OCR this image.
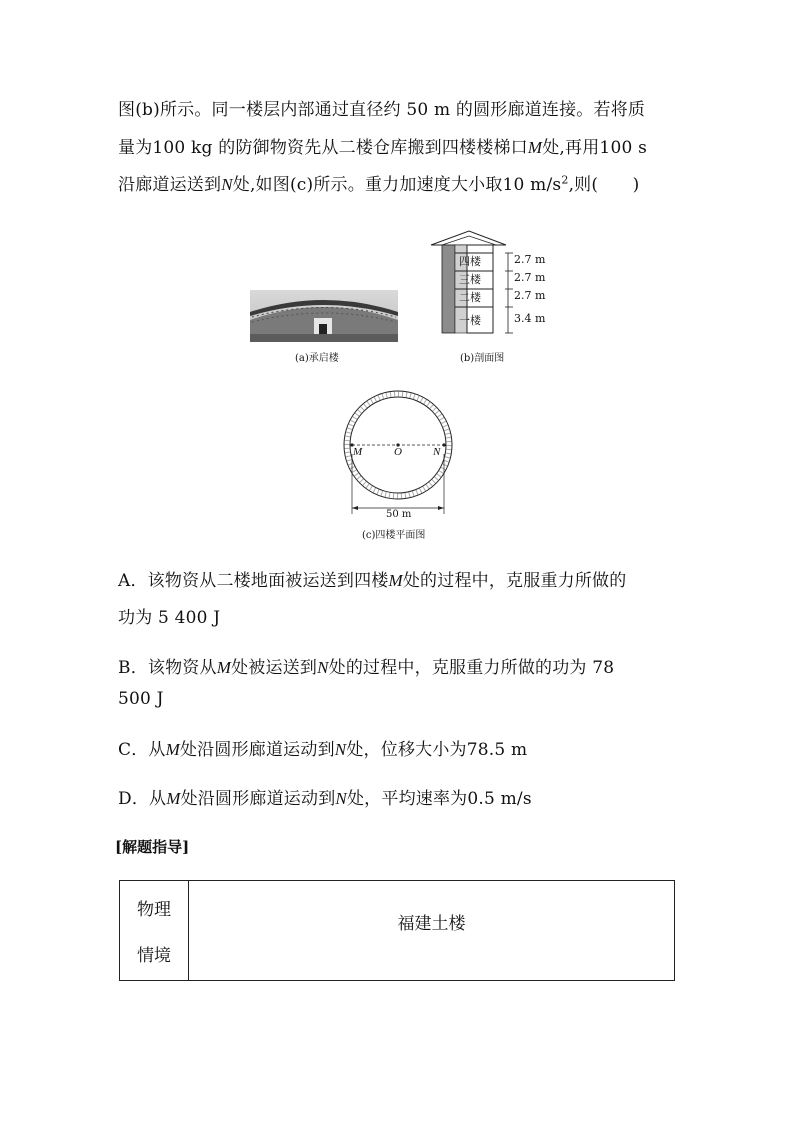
图(b)所示。同一楼层内部通过直径约 50 m 的圆形廊道连接。若将质
量为100 kg 的防御物资先从二楼仓库搬到四楼楼梯口M处,再用100 s
沿廊道运送到N处,如图(c)所示。重力加速度大小取10 $m/s^2$,则(　　)
(a)承启楼
四楼
三楼
二楼
一楼
2.7 m
2.7 m
2.7 m
3.4 m
(b)剖面图
M	O	N
50 m
(c)四楼平面图
A．该物资从二楼地面被运送到四楼M处的过程中，克服重力所做的
功为 5 400 J
B．该物资从M处被运送到N处的过程中，克服重力所做的功为 78
500 J
C．从M处沿圆形廊道运动到N处，位移大小为78.5 m
D．从M处沿圆形廊道运动到N处，平均速率为0.5 m/s
[解题指导]
物理
情境
	福建土楼
